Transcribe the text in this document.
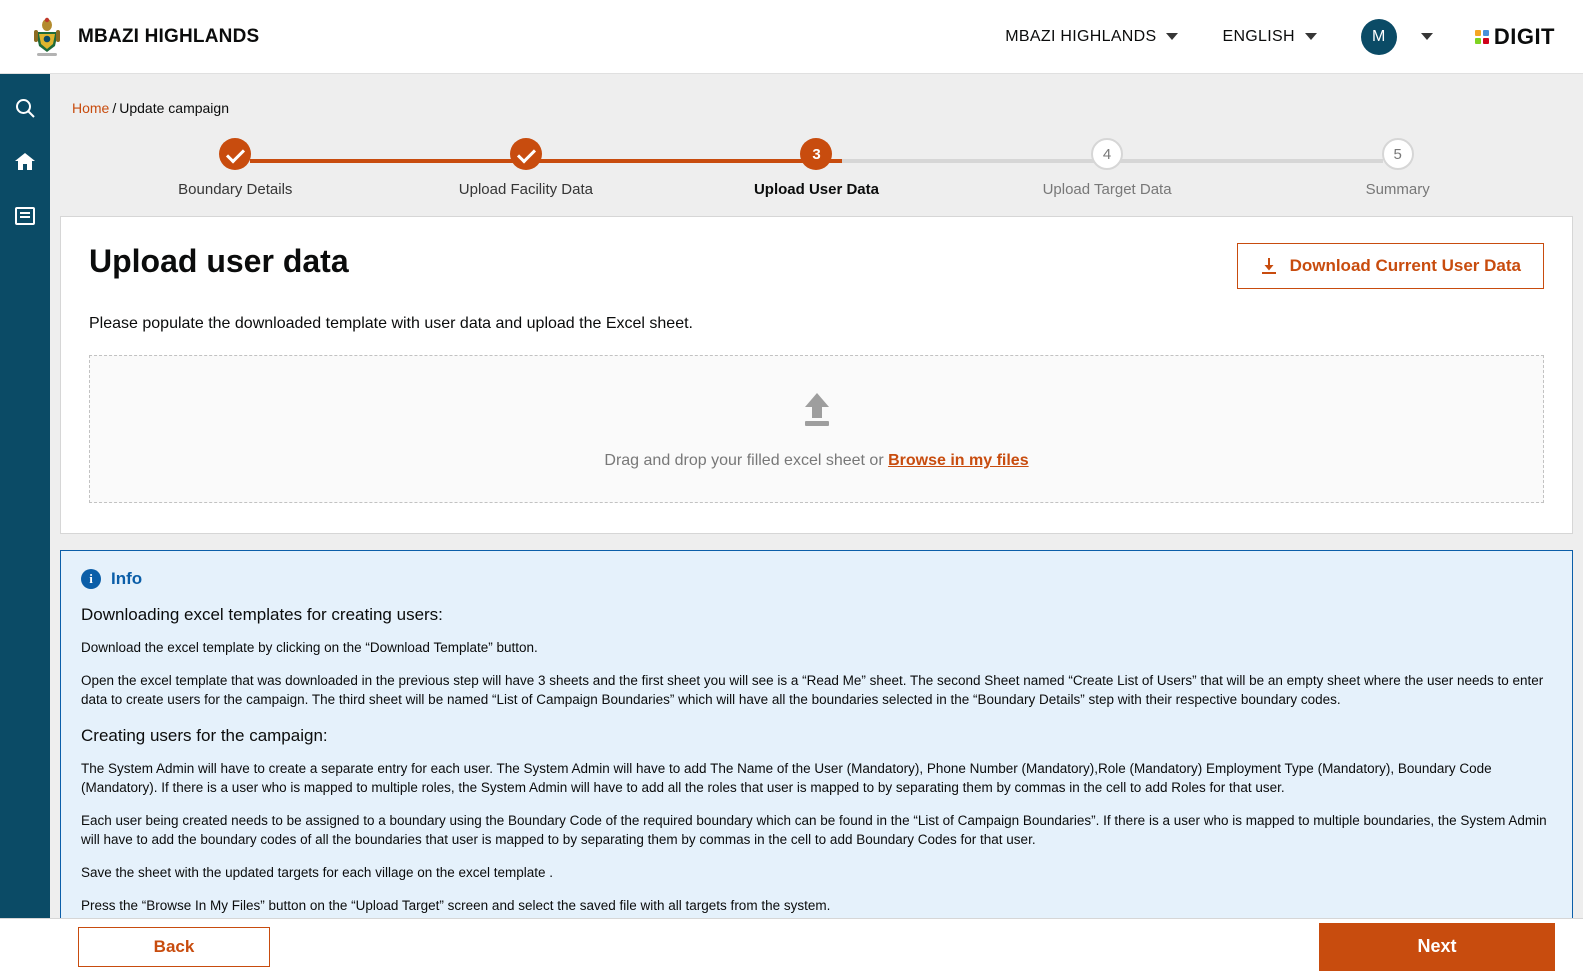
MBAZI HIGHLANDS	MBAZI HIGHLANDS	ENGLISH	M	DIGIT
Home / Update campaign
Boundary Details	Upload Facility Data
3
Upload User Data
4
Upload Target Data
5
Summary
Upload user data	Download Current User Data

Please populate the downloaded template with user data and upload the Excel sheet.

Drag and drop your filled excel sheet or Browse in my files
i	Info

Downloading excel templates for creating users:

Download the excel template by clicking on the “Download Template” button.

Open the excel template that was downloaded in the previous step will have 3 sheets and the first sheet you will see is a “Read Me” sheet. The second Sheet named “Create List of Users” that will be an empty sheet where the user needs to enter data to create users for the campaign. The third sheet will be named “List of Campaign Boundaries” which will have all the boundaries selected in the “Boundary Details” step with their respective boundary codes.

Creating users for the campaign:

The System Admin will have to create a separate entry for each user. The System Admin will have to add The Name of the User (Mandatory), Phone Number (Mandatory),Role (Mandatory) Employment Type (Mandatory), Boundary Code (Mandatory). If there is a user who is mapped to multiple roles, the System Admin will have to add all the roles that user is mapped to by separating them by commas in the cell to add Roles for that user.

Each user being created needs to be assigned to a boundary using the Boundary Code of the required boundary which can be found in the “List of Campaign Boundaries”. If there is a user who is mapped to multiple boundaries, the System Admin will have to add the boundary codes of all the boundaries that user is mapped to by separating them by commas in the cell to add Boundary Codes for that user.

Save the sheet with the updated targets for each village on the excel template .

Press the “Browse In My Files” button on the “Upload Target” screen and select the saved file with all targets from the system.

Back	Next
